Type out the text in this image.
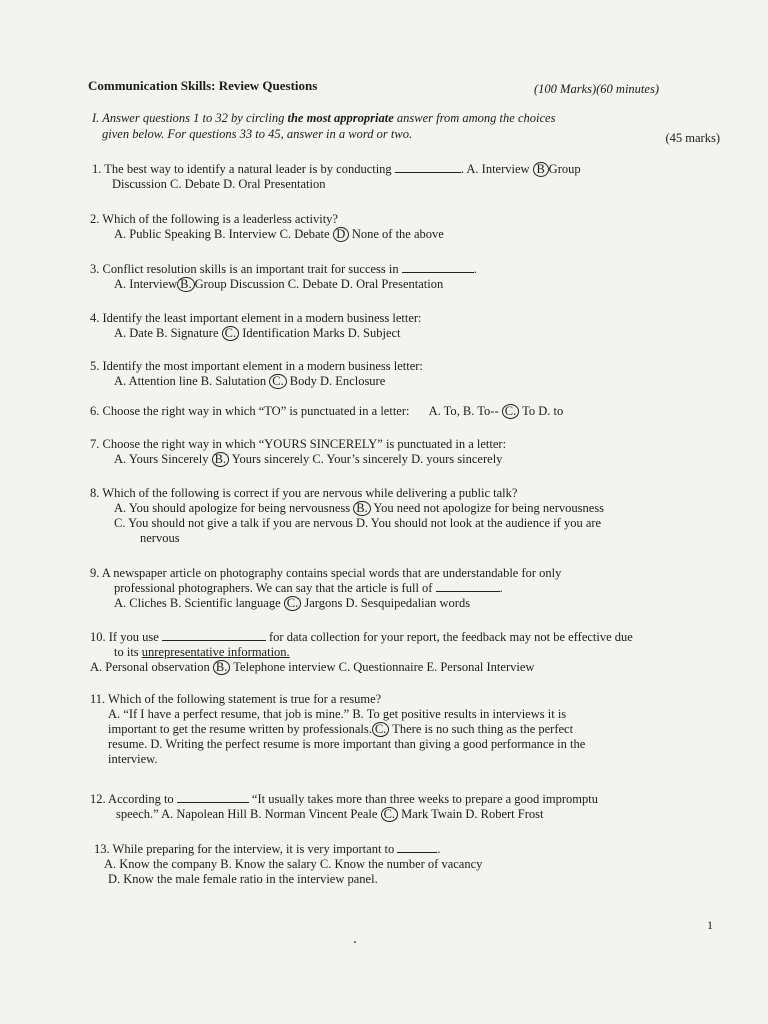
Communication Skills: Review Questions	(100 Marks)(60 minutes)
I. Answer questions 1 to 32 by circling the most appropriate answer from among the choices
given below. For questions 33 to 45, answer in a word or two.	(45 marks)
1. The best way to identify a natural leader is by conducting	. A. Interview B Group
Discussion C. Debate D. Oral Presentation
2. Which of the following is a leaderless activity?
A. Public Speaking B. Interview C. Debate D None of the above
3. Conflict resolution skills is an important trait for success in	.
A. Interview B. Group Discussion C. Debate D. Oral Presentation
4. Identify the least important element in a modern business letter:
A. Date B. Signature C. Identification Marks D. Subject
5. Identify the most important element in a modern business letter:
A. Attention line B. Salutation C. Body D. Enclosure
6. Choose the right way in which “TO” is punctuated in a letter: A. To, B. To-- C. To D. to
7. Choose the right way in which “YOURS SINCERELY” is punctuated in a letter:
A. Yours Sincerely B. Yours sincerely C. Your’s sincerely D. yours sincerely
8. Which of the following is correct if you are nervous while delivering a public talk?
A. You should apologize for being nervousness B. You need not apologize for being nervousness
C. You should not give a talk if you are nervous D. You should not look at the audience if you are
nervous
9. A newspaper article on photography contains special words that are understandable for only
professional photographers. We can say that the article is full of	.
A. Cliches B. Scientific language C. Jargons D. Sesquipedalian words
10. If you use	for data collection for your report, the feedback may not be effective due
to its unrepresentative information.
A. Personal observation B. Telephone interview C. Questionnaire E. Personal Interview
11. Which of the following statement is true for a resume?
A. “If I have a perfect resume, that job is mine.” B. To get positive results in interviews it is
important to get the resume written by professionals. C. There is no such thing as the perfect
resume. D. Writing the perfect resume is more important than giving a good performance in the
interview.
12. According to	“It usually takes more than three weeks to prepare a good impromptu
speech.” A. Napolean Hill B. Norman Vincent Peale C. Mark Twain D. Robert Frost
13. While preparing for the interview, it is very important to	.
A. Know the company B. Know the salary C. Know the number of vacancy
D. Know the male female ratio in the interview panel.
1
